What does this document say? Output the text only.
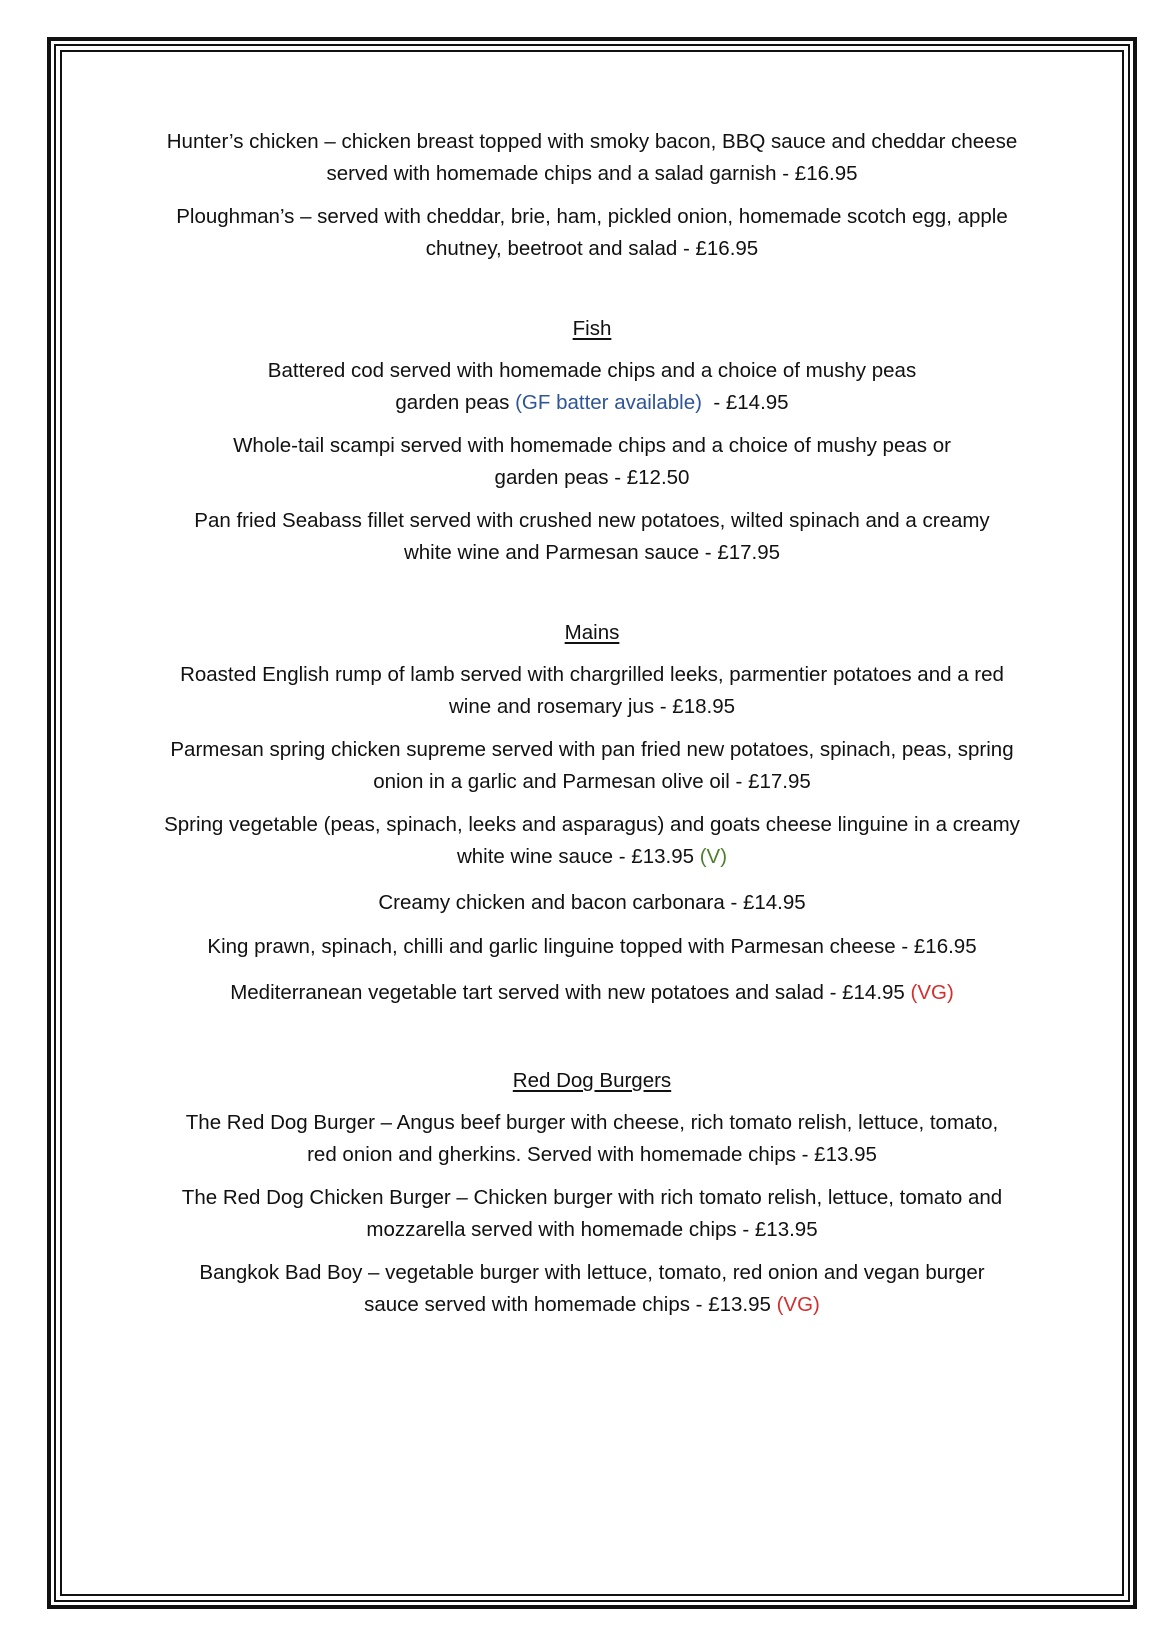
Hunter’s chicken – chicken breast topped with smoky bacon, BBQ sauce and cheddar cheese
served with homemade chips and a salad garnish - £16.95
Ploughman’s – served with cheddar, brie, ham, pickled onion, homemade scotch egg, apple
chutney, beetroot and salad - £16.95
Fish
Battered cod served with homemade chips and a choice of mushy peas
garden peas (GF batter available)  - £14.95
Whole-tail scampi served with homemade chips and a choice of mushy peas or
garden peas - £12.50
Pan fried Seabass fillet served with crushed new potatoes, wilted spinach and a creamy
white wine and Parmesan sauce - £17.95
Mains
Roasted English rump of lamb served with chargrilled leeks, parmentier potatoes and a red
wine and rosemary jus - £18.95
Parmesan spring chicken supreme served with pan fried new potatoes, spinach, peas, spring
onion in a garlic and Parmesan olive oil - £17.95
Spring vegetable (peas, spinach, leeks and asparagus) and goats cheese linguine in a creamy
white wine sauce - £13.95 (V)
Creamy chicken and bacon carbonara - £14.95
King prawn, spinach, chilli and garlic linguine topped with Parmesan cheese - £16.95
Mediterranean vegetable tart served with new potatoes and salad - £14.95 (VG)
Red Dog Burgers
The Red Dog Burger – Angus beef burger with cheese, rich tomato relish, lettuce, tomato,
red onion and gherkins. Served with homemade chips - £13.95
The Red Dog Chicken Burger – Chicken burger with rich tomato relish, lettuce, tomato and
mozzarella served with homemade chips - £13.95
Bangkok Bad Boy – vegetable burger with lettuce, tomato, red onion and vegan burger
sauce served with homemade chips - £13.95 (VG)
